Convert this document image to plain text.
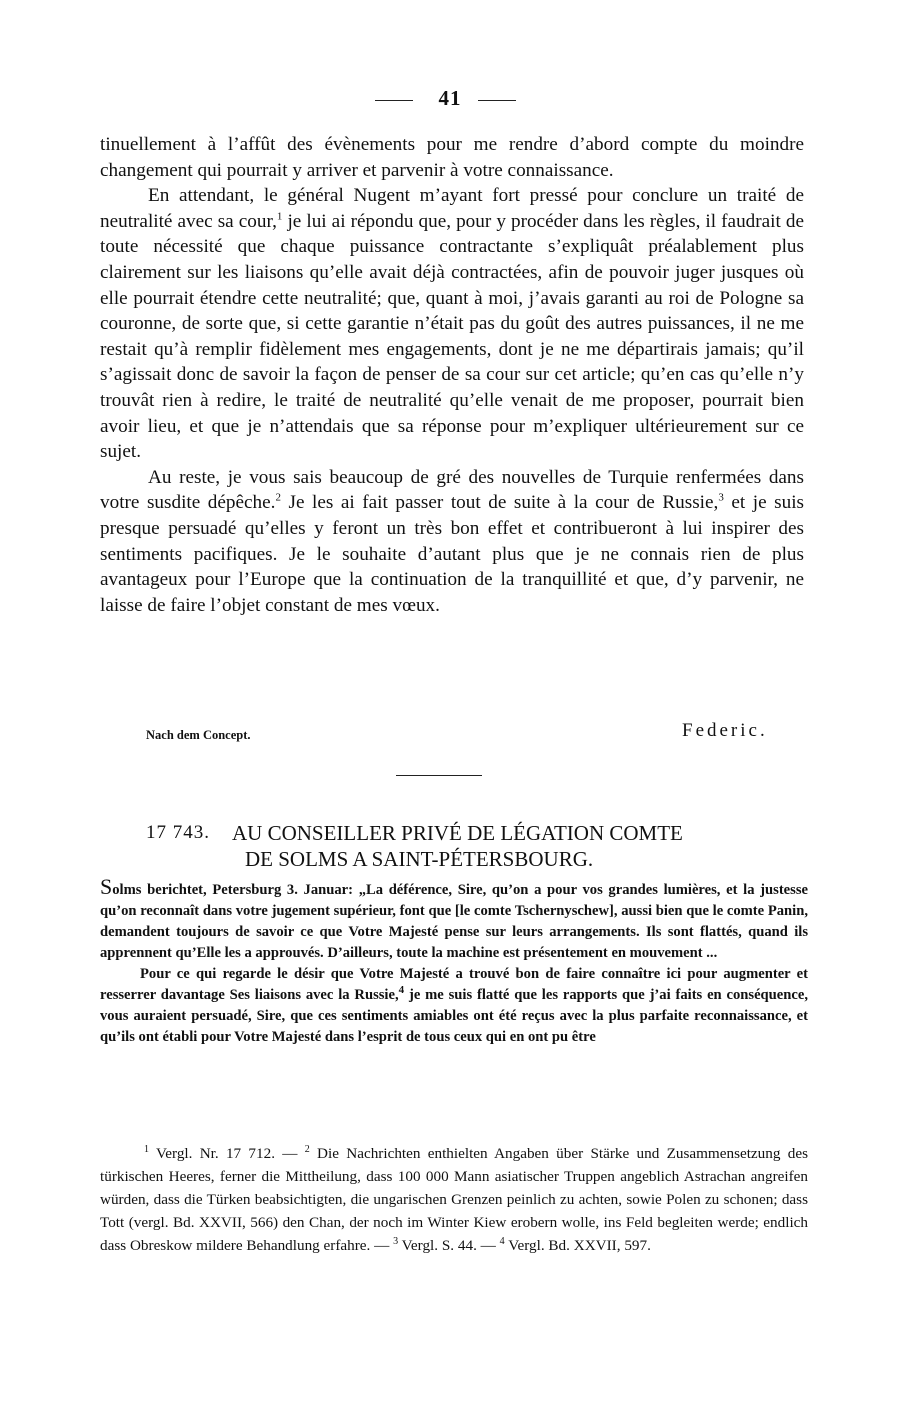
41

tinuellement à l’affût des évènements pour me rendre d’abord compte du moindre changement qui pourrait y arriver et parvenir à votre connaissance.

En attendant, le général Nugent m’ayant fort pressé pour conclure un traité de neutralité avec sa cour,$^1$ je lui ai répondu que, pour y procéder dans les règles, il faudrait de toute nécessité que chaque puissance contractante s’expliquât préalablement plus clairement sur les liaisons qu’elle avait déjà contractées, afin de pouvoir juger jusques où elle pourrait étendre cette neutralité; que, quant à moi, j’avais garanti au roi de Pologne sa couronne, de sorte que, si cette garantie n’était pas du goût des autres puissances, il ne me restait qu’à remplir fidèlement mes engagements, dont je ne me départirais jamais; qu’il s’agissait donc de savoir la façon de penser de sa cour sur cet article; qu’en cas qu’elle n’y trouvât rien à redire, le traité de neutralité qu’elle venait de me proposer, pourrait bien avoir lieu, et que je n’attendais que sa réponse pour m’expliquer ultérieurement sur ce sujet.

Au reste, je vous sais beaucoup de gré des nouvelles de Turquie renfermées dans votre susdite dépêche.$^2$ Je les ai fait passer tout de suite à la cour de Russie,$^3$ et je suis presque persuadé qu’elles y feront un très bon effet et contribueront à lui inspirer des sentiments pacifiques. Je le souhaite d’autant plus que je ne connais rien de plus avantageux pour l’Europe que la continuation de la tranquillité et que, d’y parvenir, ne laisse de faire l’objet constant de mes vœux.

Nach dem Concept.	Federic.
17 743. AU CONSEILLER PRIVÉ DE LÉGATION COMTE
DE SOLMS A SAINT-PÉTERSBOURG.

Solms berichtet, Petersburg 3. Januar: „La déférence, Sire, qu’on a pour vos grandes lumières, et la justesse qu’on reconnaît dans votre jugement supérieur, font que [le comte Tschernyschew], aussi bien que le comte Panin, demandent toujours de savoir ce que Votre Majesté pense sur leurs arrangements. Ils sont flattés, quand ils apprennent qu’Elle les a approuvés. D’ailleurs, toute la machine est présentement en mouvement ...

Pour ce qui regarde le désir que Votre Majesté a trouvé bon de faire connaître ici pour augmenter et resserrer davantage Ses liaisons avec la Russie,$^4$ je me suis flatté que les rapports que j’ai faits en conséquence, vous auraient persuadé, Sire, que ces sentiments amiables ont été reçus avec la plus parfaite reconnaissance, et qu’ils ont établi pour Votre Majesté dans l’esprit de tous ceux qui en ont pu être

$^1$ Vergl. Nr. 17 712. — $^2$ Die Nachrichten enthielten Angaben über Stärke und Zusammensetzung des türkischen Heeres, ferner die Mittheilung, dass 100 000 Mann asiatischer Truppen angeblich Astrachan angreifen würden, dass die Türken beabsichtigten, die ungarischen Grenzen peinlich zu achten, sowie Polen zu schonen; dass Tott (vergl. Bd. XXVII, 566) den Chan, der noch im Winter Kiew erobern wolle, ins Feld begleiten werde; endlich dass Obreskow mildere Behandlung erfahre. — $^3$ Vergl. S. 44. — $^4$ Vergl. Bd. XXVII, 597.
